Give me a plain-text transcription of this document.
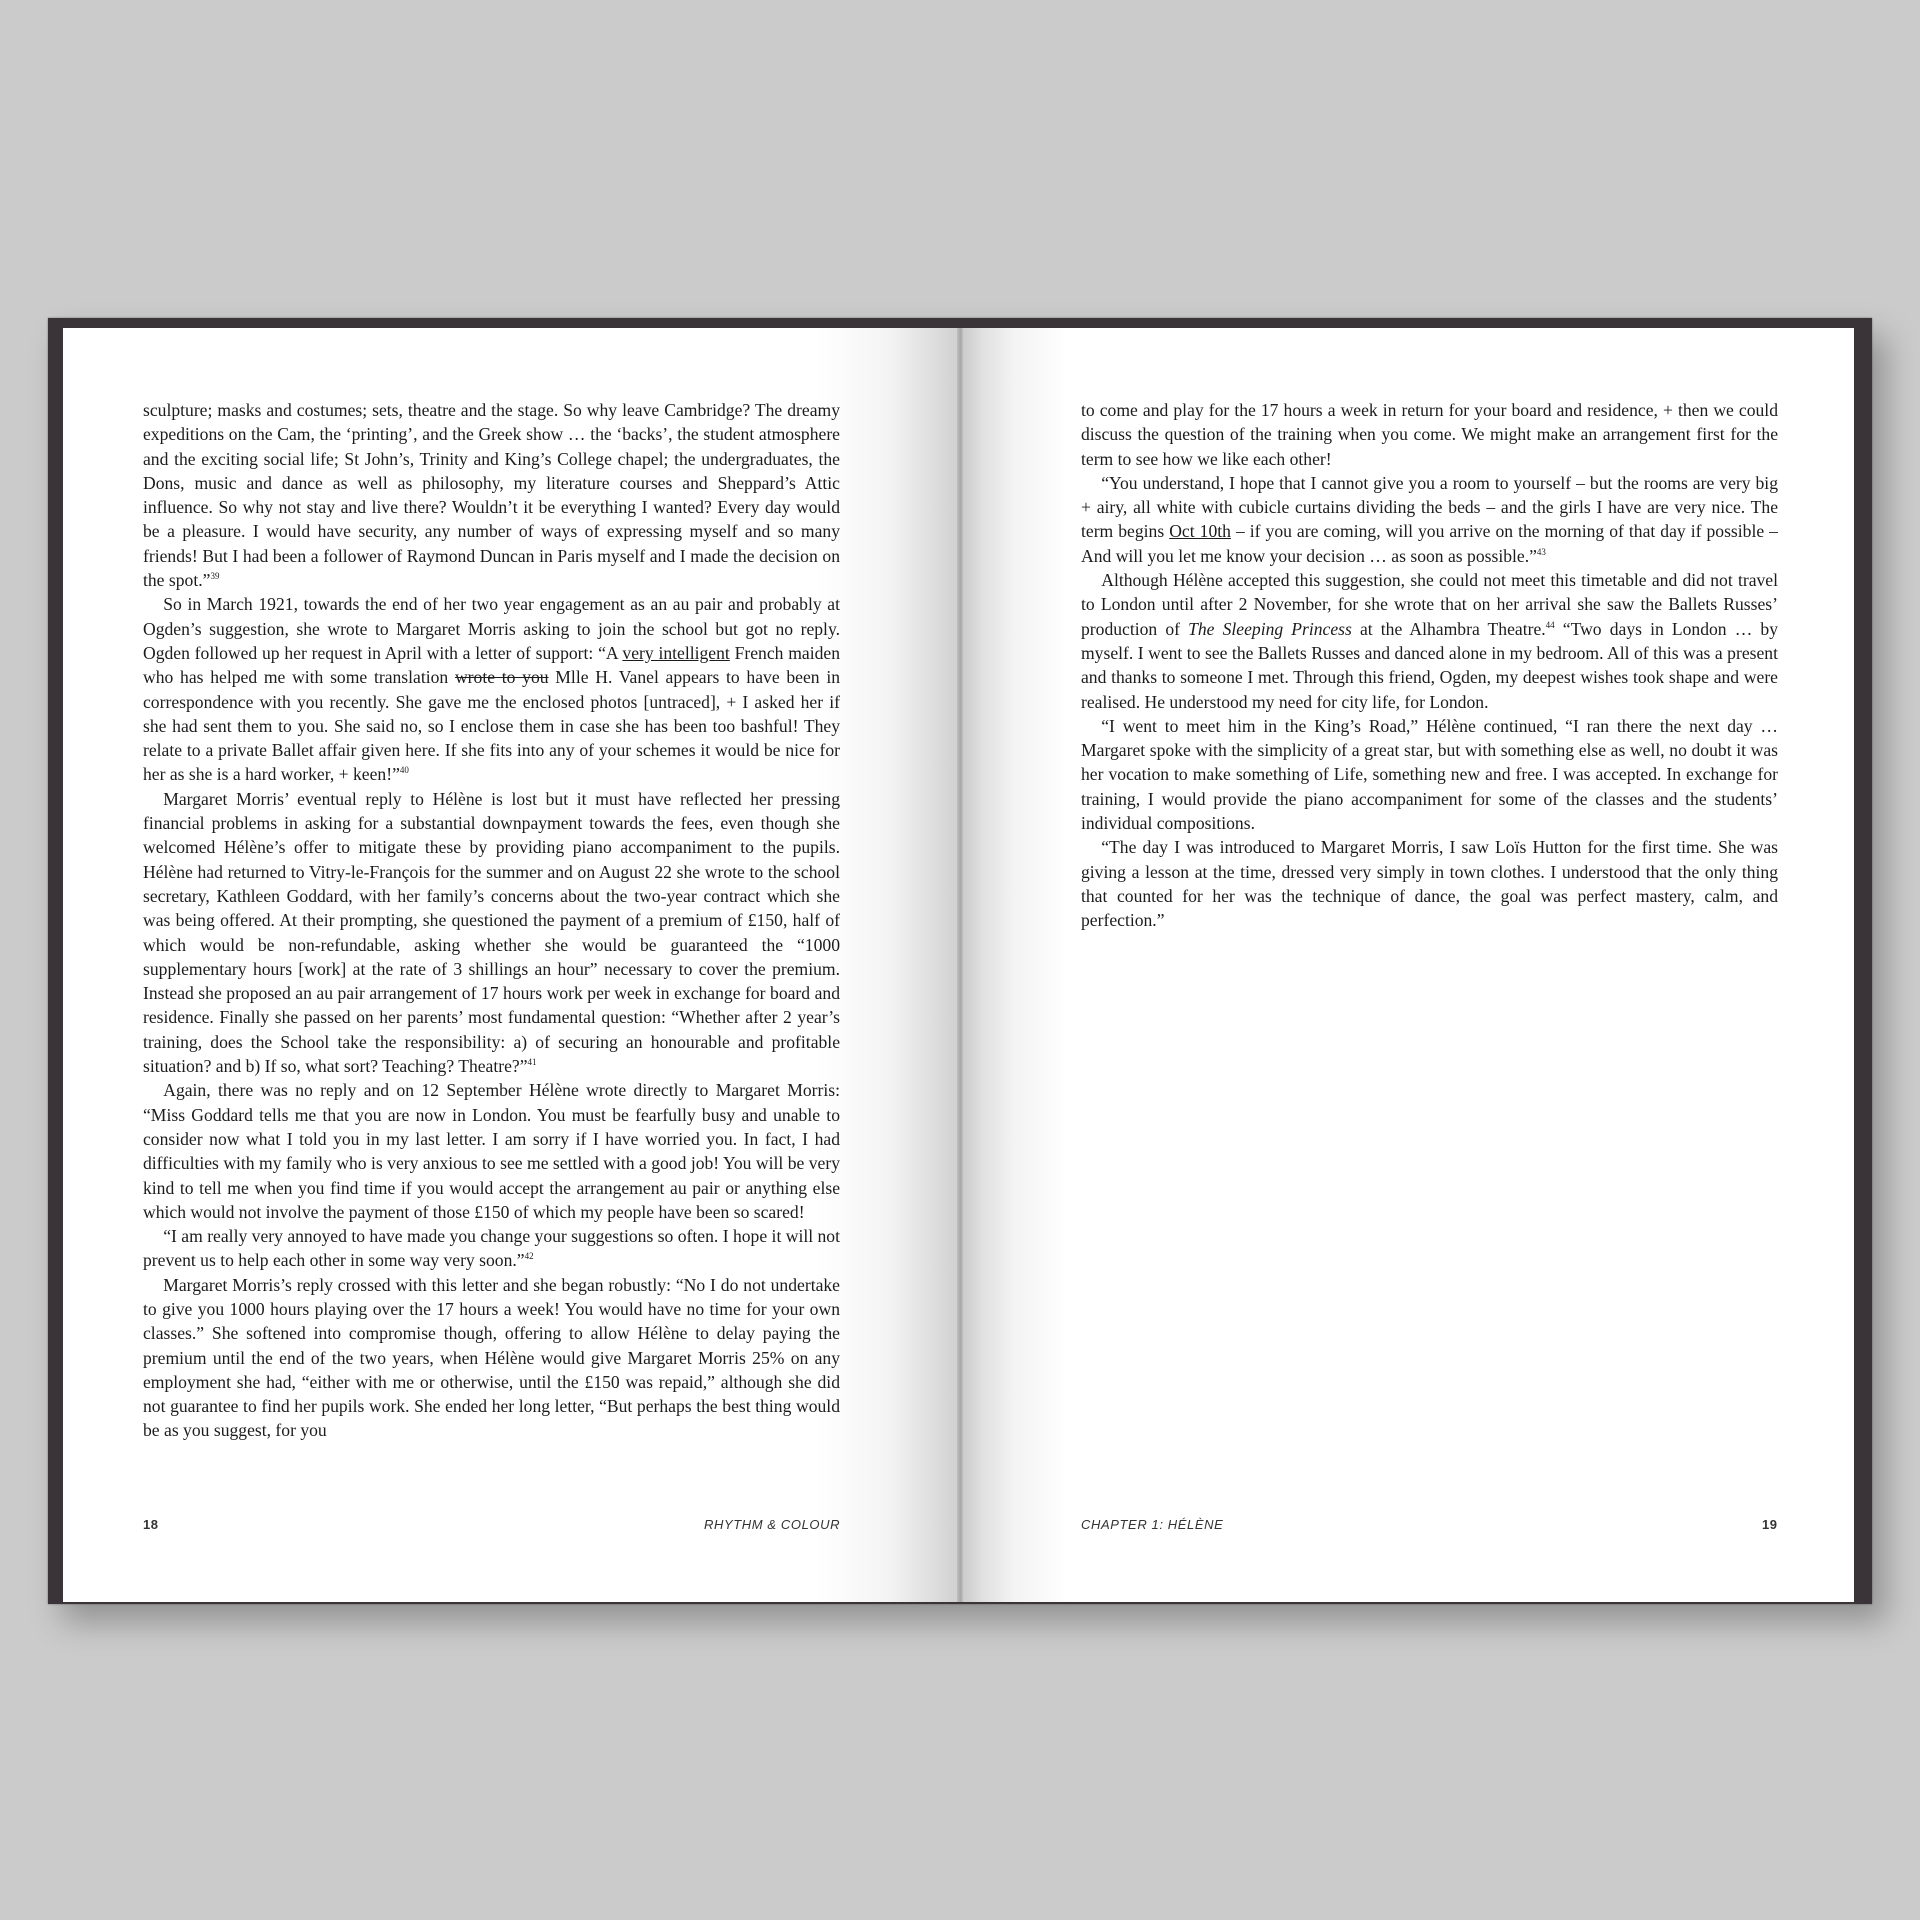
sculpture; masks and costumes; sets, theatre and the stage. So why leave Cambridge? The dreamy expeditions on the Cam, the ‘printing’, and the Greek show … the ‘backs’, the student atmosphere and the exciting social life; St John’s, Trinity and King’s College chapel; the undergraduates, the Dons, music and dance as well as philosophy, my literature courses and Sheppard’s Attic influence. So why not stay and live there? Wouldn’t it be everything I wanted? Every day would be a pleasure. I would have security, any number of ways of expressing myself and so many friends! But I had been a follower of Raymond Duncan in Paris myself and I made the decision on the spot.”$^{39}$

So in March 1921, towards the end of her two year engagement as an au pair and probably at Ogden’s suggestion, she wrote to Margaret Morris asking to join the school but got no reply. Ogden followed up her request in April with a letter of support: “A very intelligent French maiden who has helped me with some translation wrote to you Mlle H. Vanel appears to have been in correspondence with you recently. She gave me the enclosed photos [untraced], + I asked her if she had sent them to you. She said no, so I enclose them in case she has been too bashful! They relate to a private Ballet affair given here. If she fits into any of your schemes it would be nice for her as she is a hard worker, + keen!”$^{40}$

Margaret Morris’ eventual reply to Hélène is lost but it must have reflected her pressing financial problems in asking for a substantial downpayment towards the fees, even though she welcomed Hélène’s offer to mitigate these by providing piano accompaniment to the pupils. Hélène had returned to Vitry-le-François for the summer and on August 22 she wrote to the school secretary, Kathleen Goddard, with her family’s concerns about the two-year contract which she was being offered. At their prompting, she questioned the payment of a premium of £150, half of which would be non-refundable, asking whether she would be guaranteed the “1000 supplementary hours [work] at the rate of 3 shillings an hour” necessary to cover the premium. Instead she proposed an au pair arrangement of 17 hours work per week in exchange for board and residence. Finally she passed on her parents’ most fundamental question: “Whether after 2 year’s training, does the School take the responsibility: a) of securing an honourable and profitable situation? and b) If so, what sort? Teaching? Theatre?”$^{41}$

Again, there was no reply and on 12 September Hélène wrote directly to Margaret Morris: “Miss Goddard tells me that you are now in London. You must be fearfully busy and unable to consider now what I told you in my last letter. I am sorry if I have worried you. In fact, I had difficulties with my family who is very anxious to see me settled with a good job! You will be very kind to tell me when you find time if you would accept the arrangement au pair or anything else which would not involve the payment of those £150 of which my people have been so scared!

“I am really very annoyed to have made you change your suggestions so often. I hope it will not prevent us to help each other in some way very soon.”$^{42}$

Margaret Morris’s reply crossed with this letter and she began robustly: “No I do not undertake to give you 1000 hours playing over the 17 hours a week! You would have no time for your own classes.” She softened into compromise though, offering to allow Hélène to delay paying the premium until the end of the two years, when Hélène would give Margaret Morris 25% on any employment she had, “either with me or otherwise, until the £150 was repaid,” although she did not guarantee to find her pupils work. She ended her long letter, “But perhaps the best thing would be as you suggest, for you

18	RHYTHM & COLOUR

to come and play for the 17 hours a week in return for your board and residence, + then we could discuss the question of the training when you come. We might make an arrangement first for the term to see how we like each other!

“You understand, I hope that I cannot give you a room to yourself – but the rooms are very big + airy, all white with cubicle curtains dividing the beds – and the girls I have are very nice. The term begins Oct 10th – if you are coming, will you arrive on the morning of that day if possible – And will you let me know your decision … as soon as possible.”$^{43}$

Although Hélène accepted this suggestion, she could not meet this timetable and did not travel to London until after 2 November, for she wrote that on her arrival she saw the Ballets Russes’ production of The Sleeping Princess at the Alhambra Theatre.$^{44}$ “Two days in London … by myself. I went to see the Ballets Russes and danced alone in my bedroom. All of this was a present and thanks to someone I met. Through this friend, Ogden, my deepest wishes took shape and were realised. He understood my need for city life, for London.

“I went to meet him in the King’s Road,” Hélène continued, “I ran there the next day … Margaret spoke with the simplicity of a great star, but with something else as well, no doubt it was her vocation to make something of Life, something new and free. I was accepted. In exchange for training, I would provide the piano accompaniment for some of the classes and the students’ individual compositions.

“The day I was introduced to Margaret Morris, I saw Loïs Hutton for the first time. She was giving a lesson at the time, dressed very simply in town clothes. I understood that the only thing that counted for her was the technique of dance, the goal was perfect mastery, calm, and perfection.”

CHAPTER 1: HÉLÈNE	19
